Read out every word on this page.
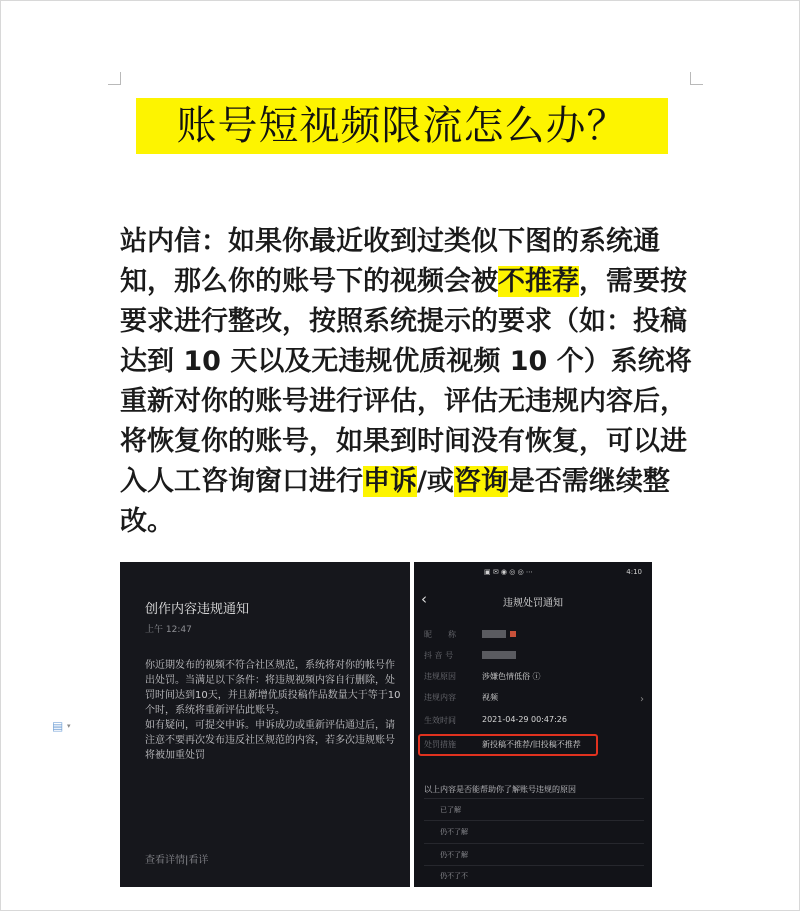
账号短视频限流怎么办？
站内信：如果你最近收到过类似下图的系统通知，那么你的账号下的视频会被不推荐，需要按要求进行整改，按照系统提示的要求（如：投稿达到 10 天以及无违规优质视频 10 个）系统将重新对你的账号进行评估，评估无违规内容后，将恢复你的账号，如果到时间没有恢复，可以进入人工咨询窗口进行申诉/或咨询是否需继续整改。
创作内容违规通知
上午 12:47

你近期发布的视频不符合社区规范，系统将对你的帐号作出处罚。当满足以下条件：将违规视频内容自行删除，处罚时间达到10天，并且新增优质投稿作品数量大于等于10个时，系统将重新评估此账号。
如有疑问，可提交申诉。申诉成功或重新评估通过后，请注意不要再次发布违反社区规范的内容，若多次违规账号将被加重处罚

查看详情|看详
▣ ✉ ◉ ◎ ◎ ⋯	4:10
‹	违规处罚通知
昵　　称
抖 音 号
违规原因	涉嫌色情低俗 ⓘ
违规内容	视频	›
生效时间	2021-04-29 00:47:26
处罚措施	新投稿不推荐/旧投稿不推荐
以上内容是否能帮助你了解账号违规的原因
已了解
仍不了解
仍不了解
仍不了不
▤ ▾
